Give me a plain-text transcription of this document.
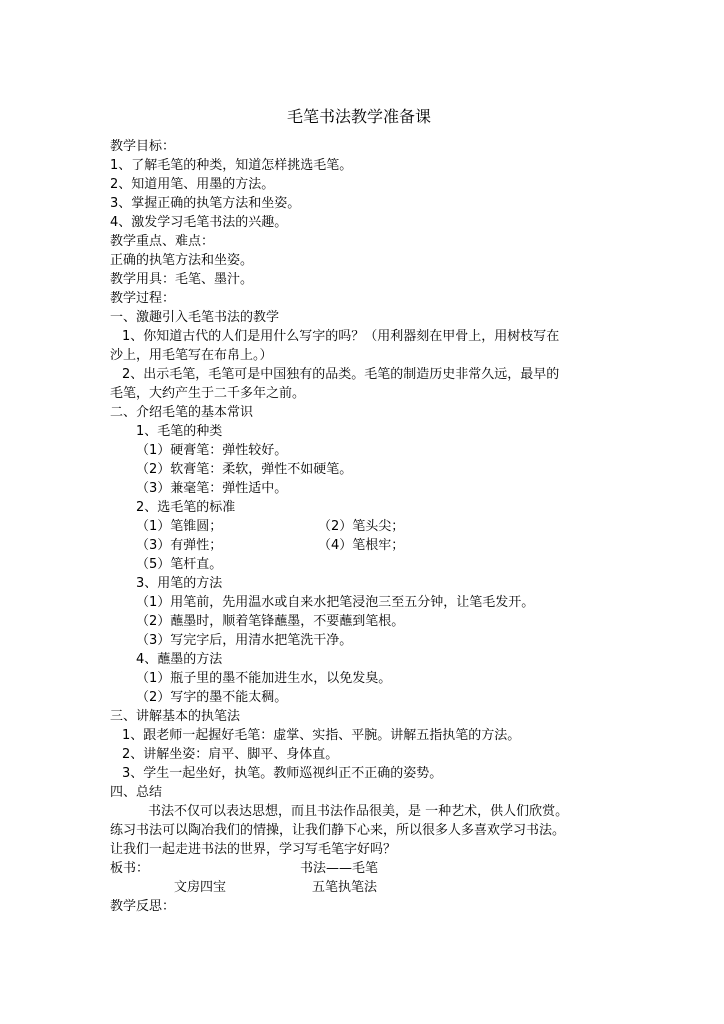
毛笔书法教学准备课
教学目标：
1、了解毛笔的种类，知道怎样挑选毛笔。
2、知道用笔、用墨的方法。
3、掌握正确的执笔方法和坐姿。
4、激发学习毛笔书法的兴趣。
教学重点、难点：
正确的执笔方法和坐姿。
教学用具：毛笔、墨汁。
教学过程：
一、激趣引入毛笔书法的教学
1、你知道古代的人们是用什么写字的吗？（用利器刻在甲骨上，用树枝写在
沙上，用毛笔写在布帛上。）
2、出示毛笔，毛笔可是中国独有的品类。毛笔的制造历史非常久远，最早的
毛笔，大约产生于二千多年之前。
二、介绍毛笔的基本常识
1、毛笔的种类
（1）硬膏笔：弹性较好。
（2）软膏笔：柔软，弹性不如硬笔。
（3）兼毫笔：弹性适中。
2、选毛笔的标准
（1）笔锥圆；	（2）笔头尖；
（3）有弹性；	（4）笔根牢；
（5）笔杆直。
3、用笔的方法
（1）用笔前，先用温水或自来水把笔浸泡三至五分钟，让笔毛发开。
（2）蘸墨时，顺着笔锋蘸墨，不要蘸到笔根。
（3）写完字后，用清水把笔洗干净。
4、蘸墨的方法
（1）瓶子里的墨不能加进生水，以免发臭。
（2）写字的墨不能太稠。
三、讲解基本的执笔法
1、跟老师一起握好毛笔：虚掌、实指、平腕。讲解五指执笔的方法。
2、讲解坐姿：肩平、脚平、身体直。
3、学生一起坐好，执笔。教师巡视纠正不正确的姿势。
四、总结
书法不仅可以表达思想，而且书法作品很美，是 一种艺术，供人们欣赏。
练习书法可以陶冶我们的情操，让我们静下心来，所以很多人多喜欢学习书法。
让我们一起走进书法的世界，学习写毛笔字好吗？
板书：	书法——毛笔
文房四宝	五笔执笔法
教学反思：
